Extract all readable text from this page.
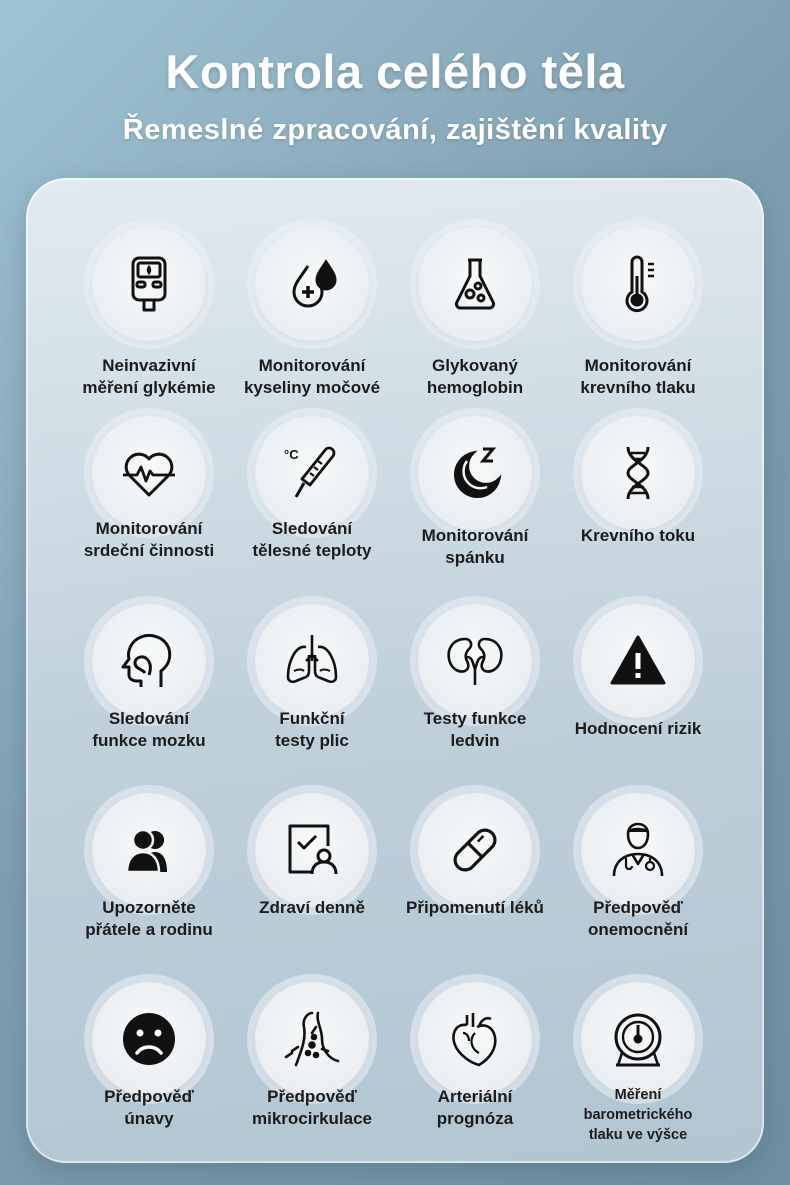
Kontrola celého těla
Řemeslné zpracování, zajištění kvality
Neinvazivní
měření glykémie
Monitorování
kyseliny močové
Glykovaný
hemoglobin
Monitorování
krevního tlaku
Monitorování
srdeční činnosti
°C
Sledování
tělesné teploty
Monitorování
spánku
Krevního toku
Sledování
funkce mozku
Funkční
testy plic
Testy funkce
ledvin
Hodnocení rizik
Upozorněte
přátele a rodinu
Zdraví denně	Připomenutí léků	Předpověď
onemocnění
Předpověď
únavy
Předpověď
mikrocirkulace
Arteriální
prognóza
Měření
barometrického
tlaku ve výšce
